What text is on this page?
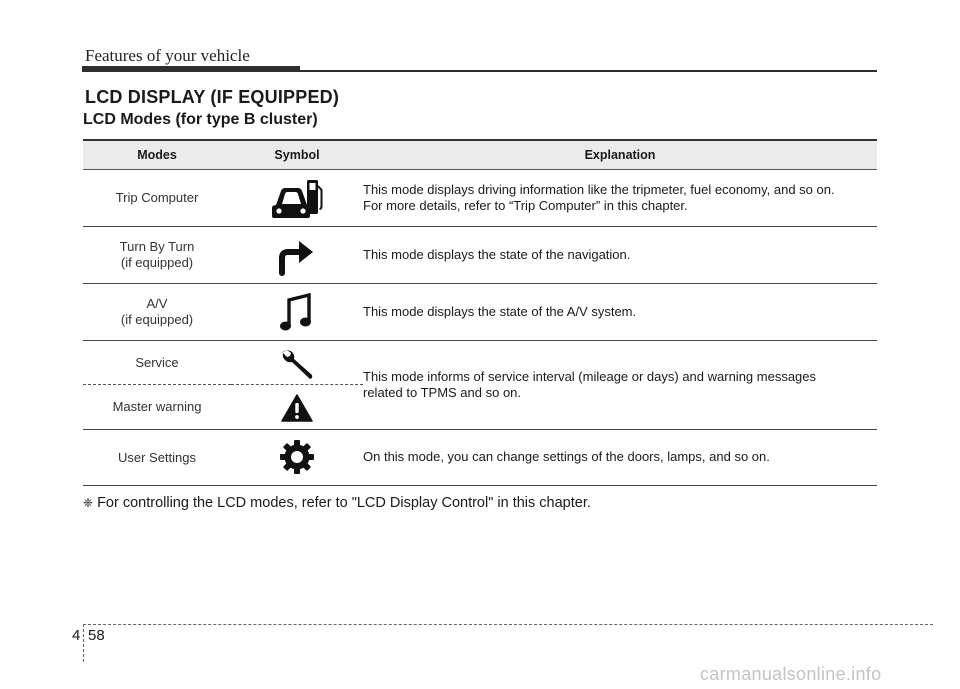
Features of your vehicle
LCD DISPLAY (IF EQUIPPED)
LCD Modes (for type B cluster)
Modes	Symbol	Explanation
Trip Computer		This mode displays driving information like the tripmeter, fuel economy, and so on.
For more details, refer to “Trip Computer” in this chapter.

Turn By Turn
(if equipped)		This mode displays the state of the navigation.

A/V
(if equipped)		This mode displays the state of the A/V system.

Service		This mode informs of service interval (mileage or days) and warning messages
related to TPMS and so on.

Master warning	

User Settings		On this mode, you can change settings of the doors, lamps, and so on.
❈ For controlling the LCD modes, refer to "LCD Display Control" in this chapter.
4 58
carmanualsonline.info
